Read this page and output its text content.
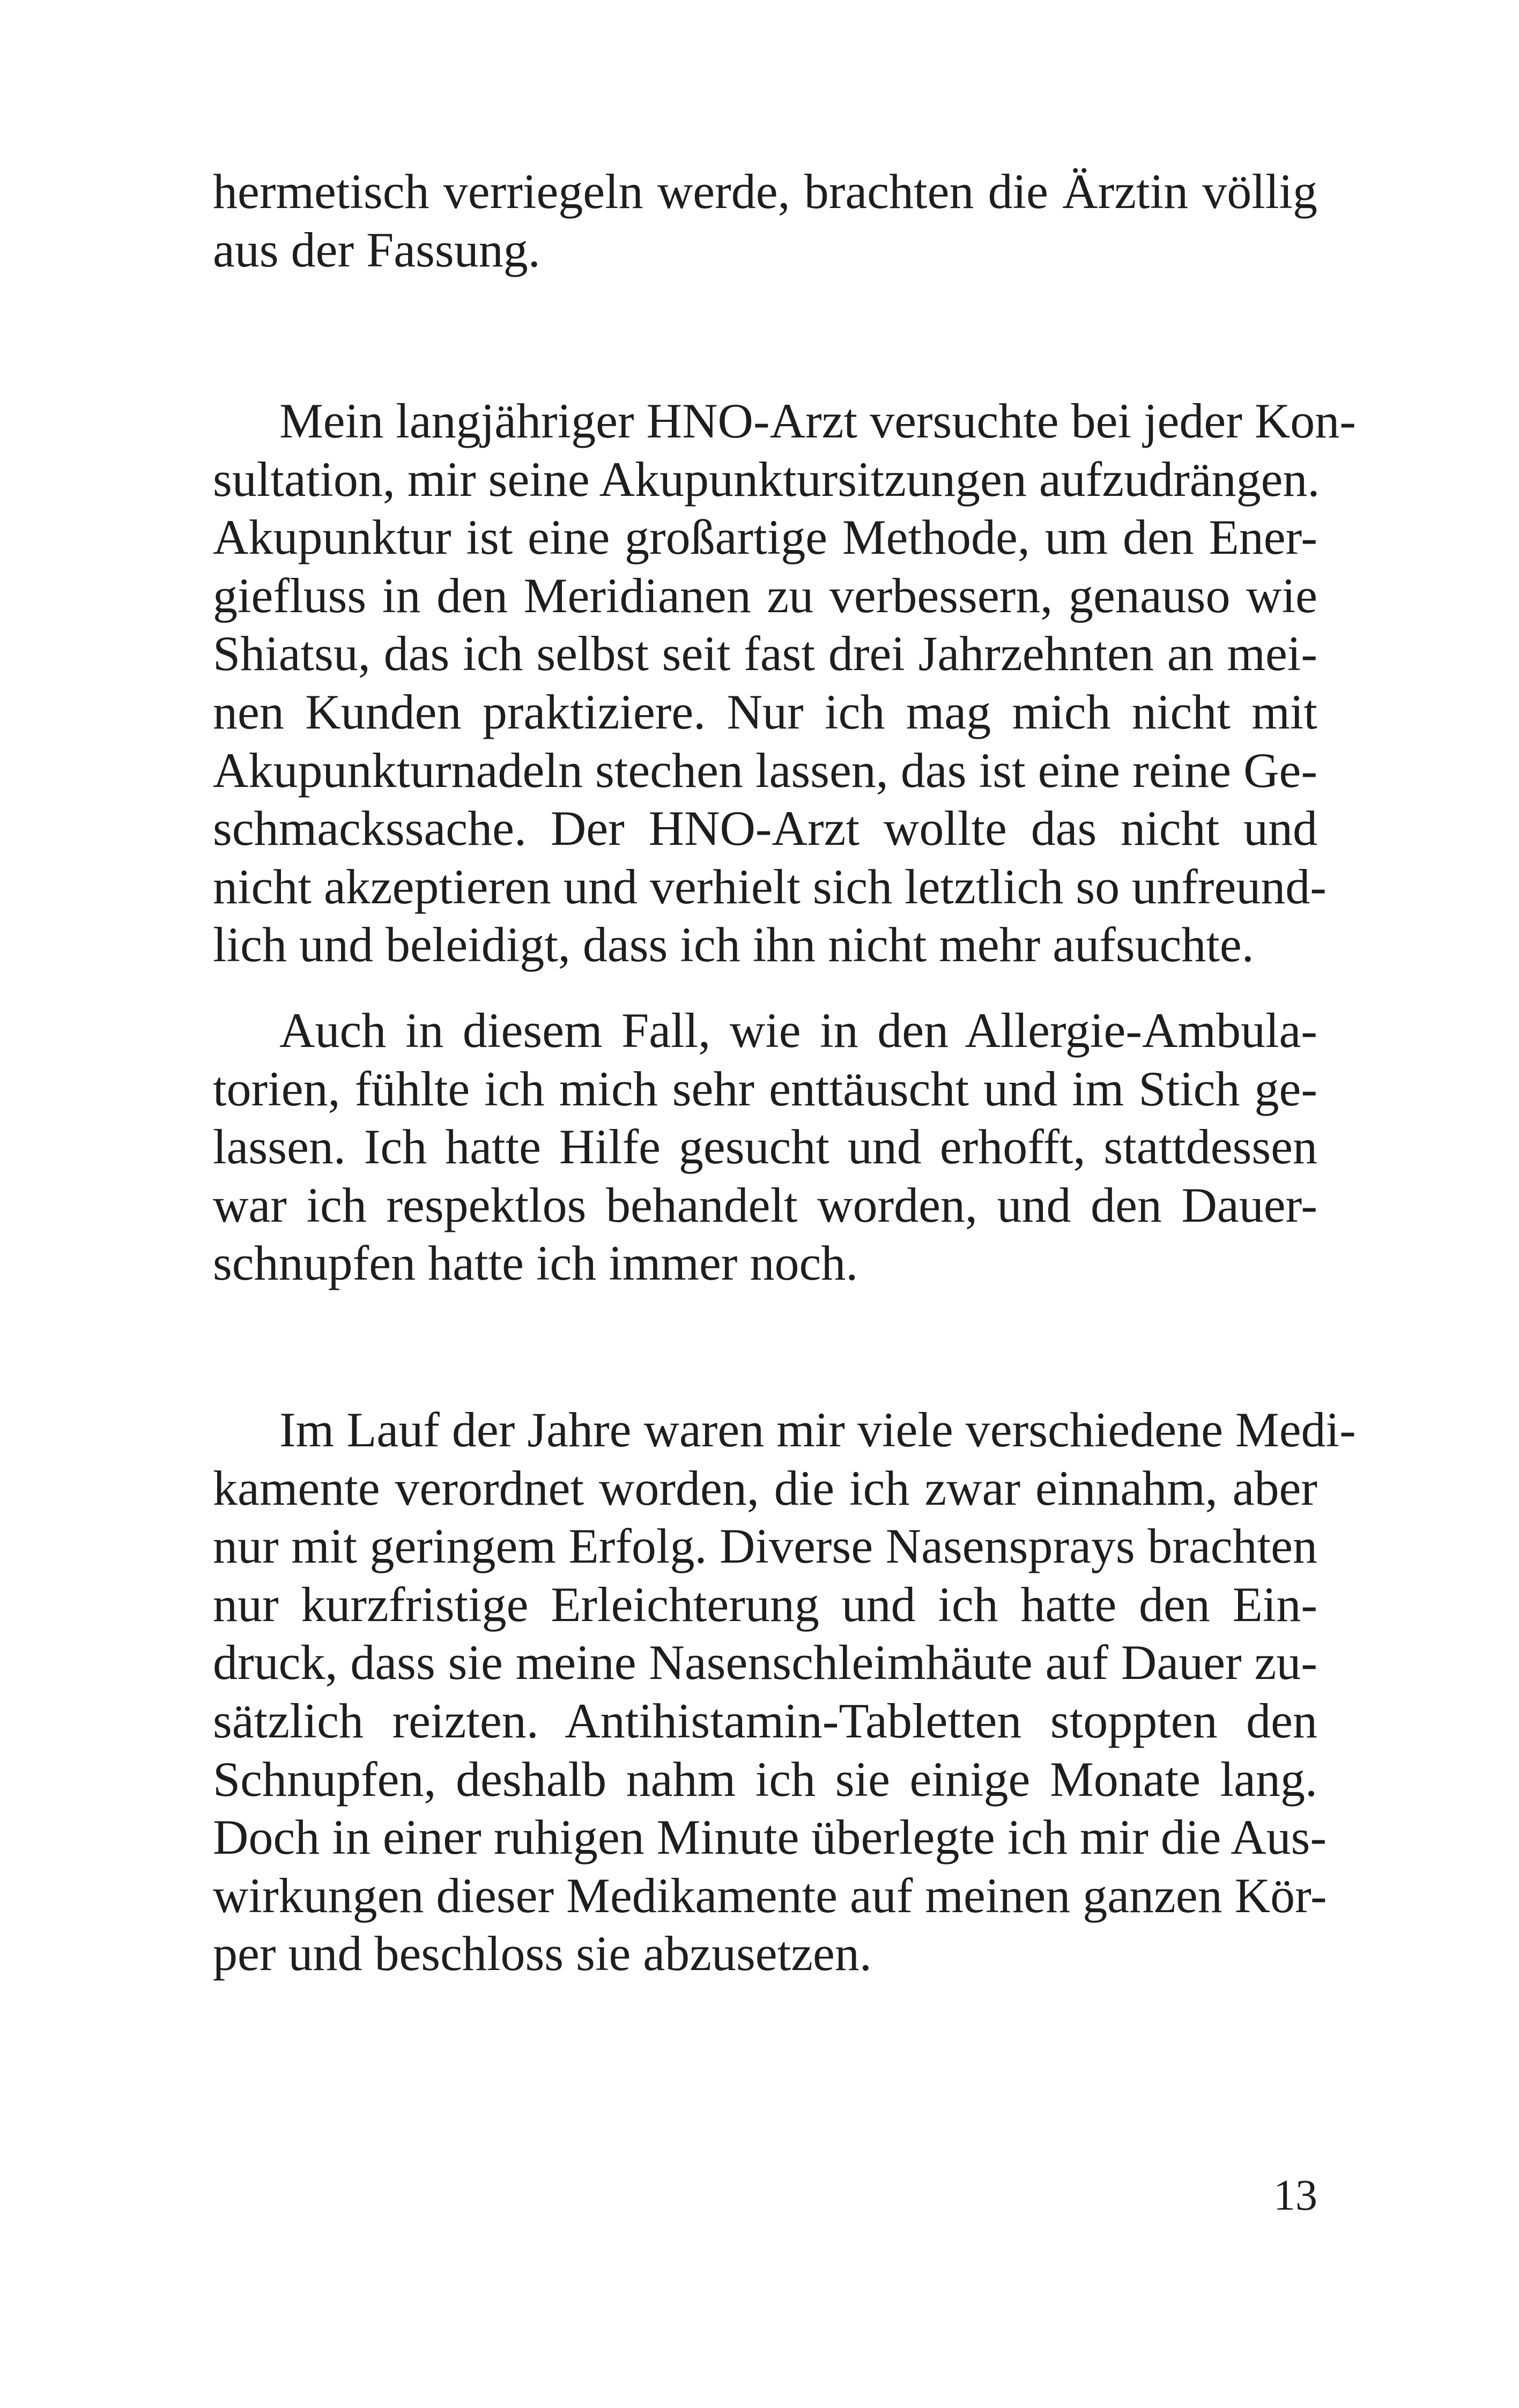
hermetisch verriegeln werde, brachten die Ärztin völlig
aus der Fassung.
Mein langjähriger HNO-Arzt versuchte bei jeder Kon-
sultation, mir seine Akupunktursitzungen aufzudrängen.
Akupunktur ist eine großartige Methode, um den Ener-
giefluss in den Meridianen zu verbessern, genauso wie
Shiatsu, das ich selbst seit fast drei Jahrzehnten an mei-
nen Kunden praktiziere. Nur ich mag mich nicht mit
Akupunkturnadeln stechen lassen, das ist eine reine Ge-
schmackssache. Der HNO-Arzt wollte das nicht und
nicht akzeptieren und verhielt sich letztlich so unfreund-
lich und beleidigt, dass ich ihn nicht mehr aufsuchte.
Auch in diesem Fall, wie in den Allergie-Ambula-
torien, fühlte ich mich sehr enttäuscht und im Stich ge-
lassen. Ich hatte Hilfe gesucht und erhofft, stattdessen
war ich respektlos behandelt worden, und den Dauer-
schnupfen hatte ich immer noch.
Im Lauf der Jahre waren mir viele verschiedene Medi-
kamente verordnet worden, die ich zwar einnahm, aber
nur mit geringem Erfolg. Diverse Nasensprays brachten
nur kurzfristige Erleichterung und ich hatte den Ein-
druck, dass sie meine Nasenschleimhäute auf Dauer zu-
sätzlich reizten. Antihistamin-Tabletten stoppten den
Schnupfen, deshalb nahm ich sie einige Monate lang.
Doch in einer ruhigen Minute überlegte ich mir die Aus-
wirkungen dieser Medikamente auf meinen ganzen Kör-
per und beschloss sie abzusetzen.
13
